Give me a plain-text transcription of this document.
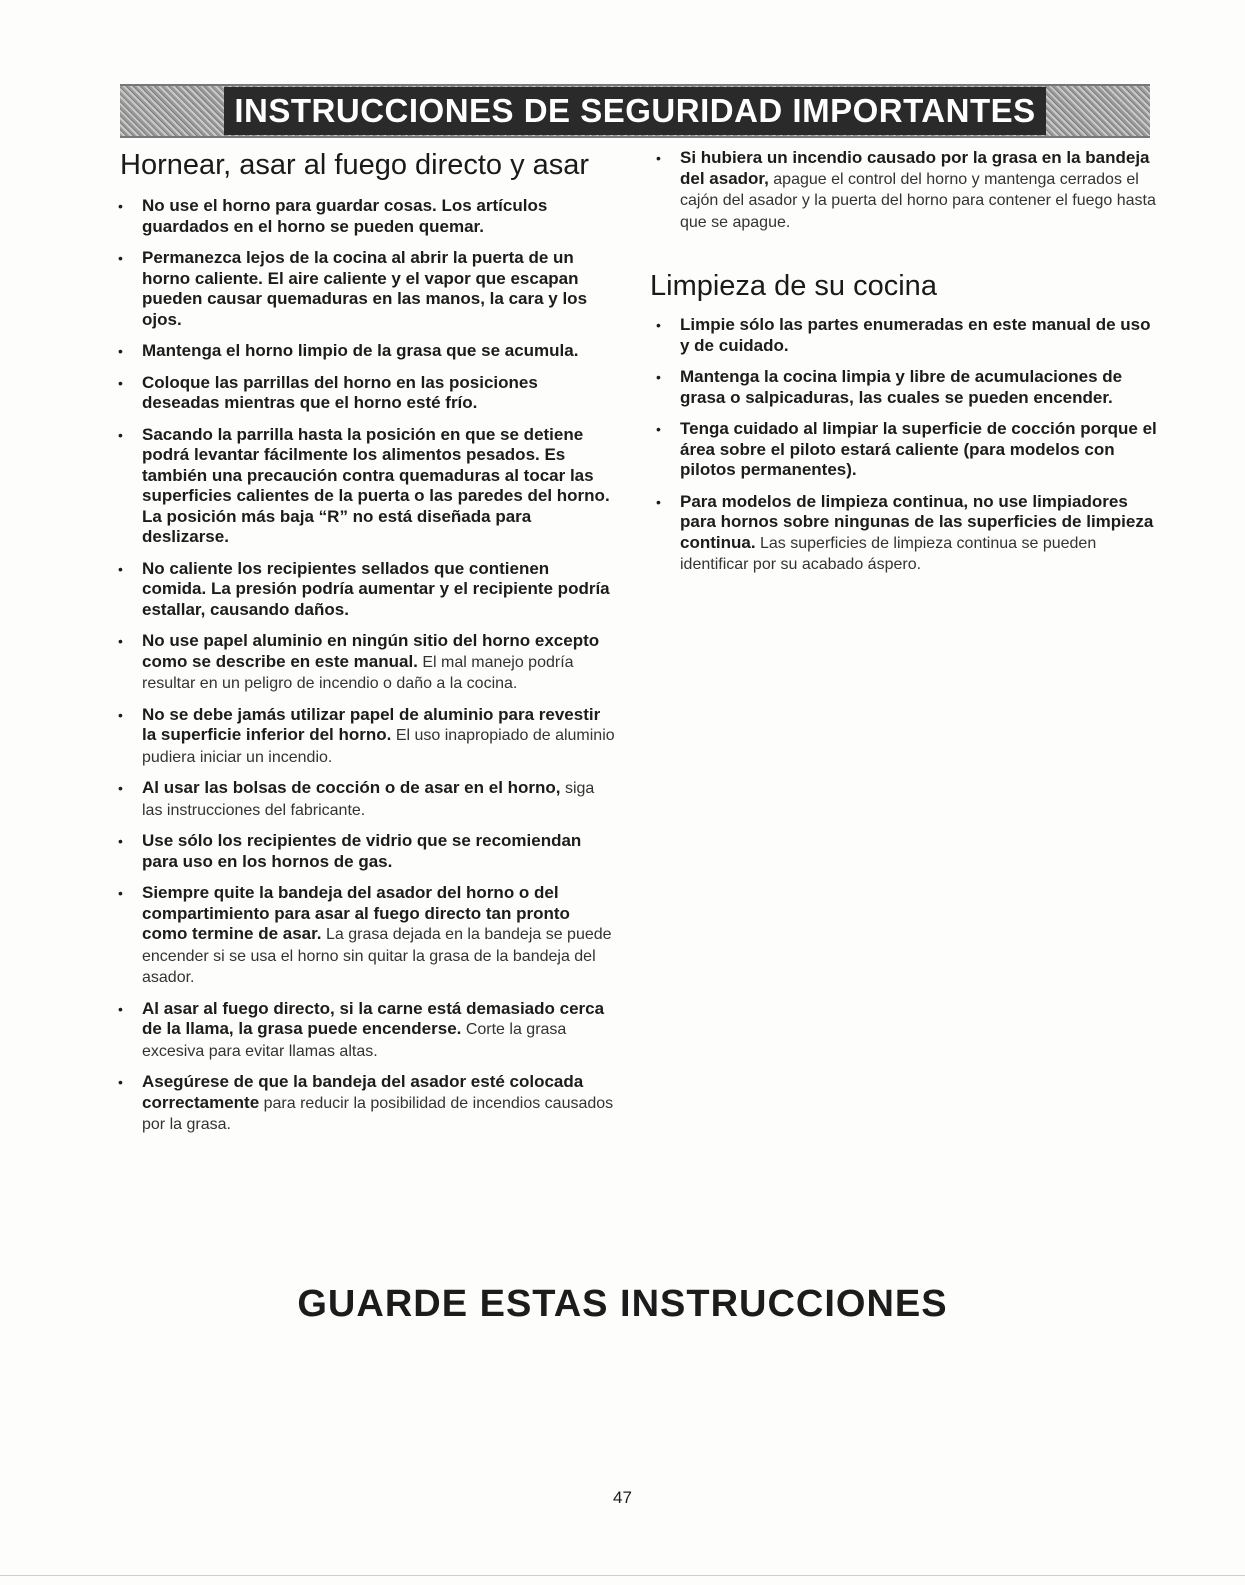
INSTRUCCIONES DE SEGURIDAD IMPORTANTES
Hornear, asar al fuego directo y asar
• No use el horno para guardar cosas. Los artículos guardados en el horno se pueden quemar.
• Permanezca lejos de la cocina al abrir la puerta de un horno caliente. El aire caliente y el vapor que escapan pueden causar quemaduras en las manos, la cara y los ojos.
• Mantenga el horno limpio de la grasa que se acumula.
• Coloque las parrillas del horno en las posiciones deseadas mientras que el horno esté frío.
• Sacando la parrilla hasta la posición en que se detiene podrá levantar fácilmente los alimentos pesados. Es también una precaución contra quemaduras al tocar las superficies calientes de la puerta o las paredes del horno. La posición más baja “R” no está diseñada para deslizarse.
• No caliente los recipientes sellados que contienen comida. La presión podría aumentar y el recipiente podría estallar, causando daños.
• No use papel aluminio en ningún sitio del horno excepto como se describe en este manual. El mal manejo podría resultar en un peligro de incendio o daño a la cocina.
• No se debe jamás utilizar papel de aluminio para revestir la superficie inferior del horno. El uso inapropiado de aluminio pudiera iniciar un incendio.
• Al usar las bolsas de cocción o de asar en el horno, siga las instrucciones del fabricante.
• Use sólo los recipientes de vidrio que se recomiendan para uso en los hornos de gas.
• Siempre quite la bandeja del asador del horno o del compartimiento para asar al fuego directo tan pronto como termine de asar. La grasa dejada en la bandeja se puede encender si se usa el horno sin quitar la grasa de la bandeja del asador.
• Al asar al fuego directo, si la carne está demasiado cerca de la llama, la grasa puede encenderse. Corte la grasa excesiva para evitar llamas altas.
• Asegúrese de que la bandeja del asador esté colocada correctamente para reducir la posibilidad de incendios causados por la grasa.
• Si hubiera un incendio causado por la grasa en la bandeja del asador, apague el control del horno y mantenga cerrados el cajón del asador y la puerta del horno para contener el fuego hasta que se apague.
Limpieza de su cocina
• Limpie sólo las partes enumeradas en este manual de uso y de cuidado.
• Mantenga la cocina limpia y libre de acumulaciones de grasa o salpicaduras, las cuales se pueden encender.
• Tenga cuidado al limpiar la superficie de cocción porque el área sobre el piloto estará caliente (para modelos con pilotos permanentes).
• Para modelos de limpieza continua, no use limpiadores para hornos sobre ningunas de las superficies de limpieza continua. Las superficies de limpieza continua se pueden identificar por su acabado áspero.
GUARDE ESTAS INSTRUCCIONES
47
